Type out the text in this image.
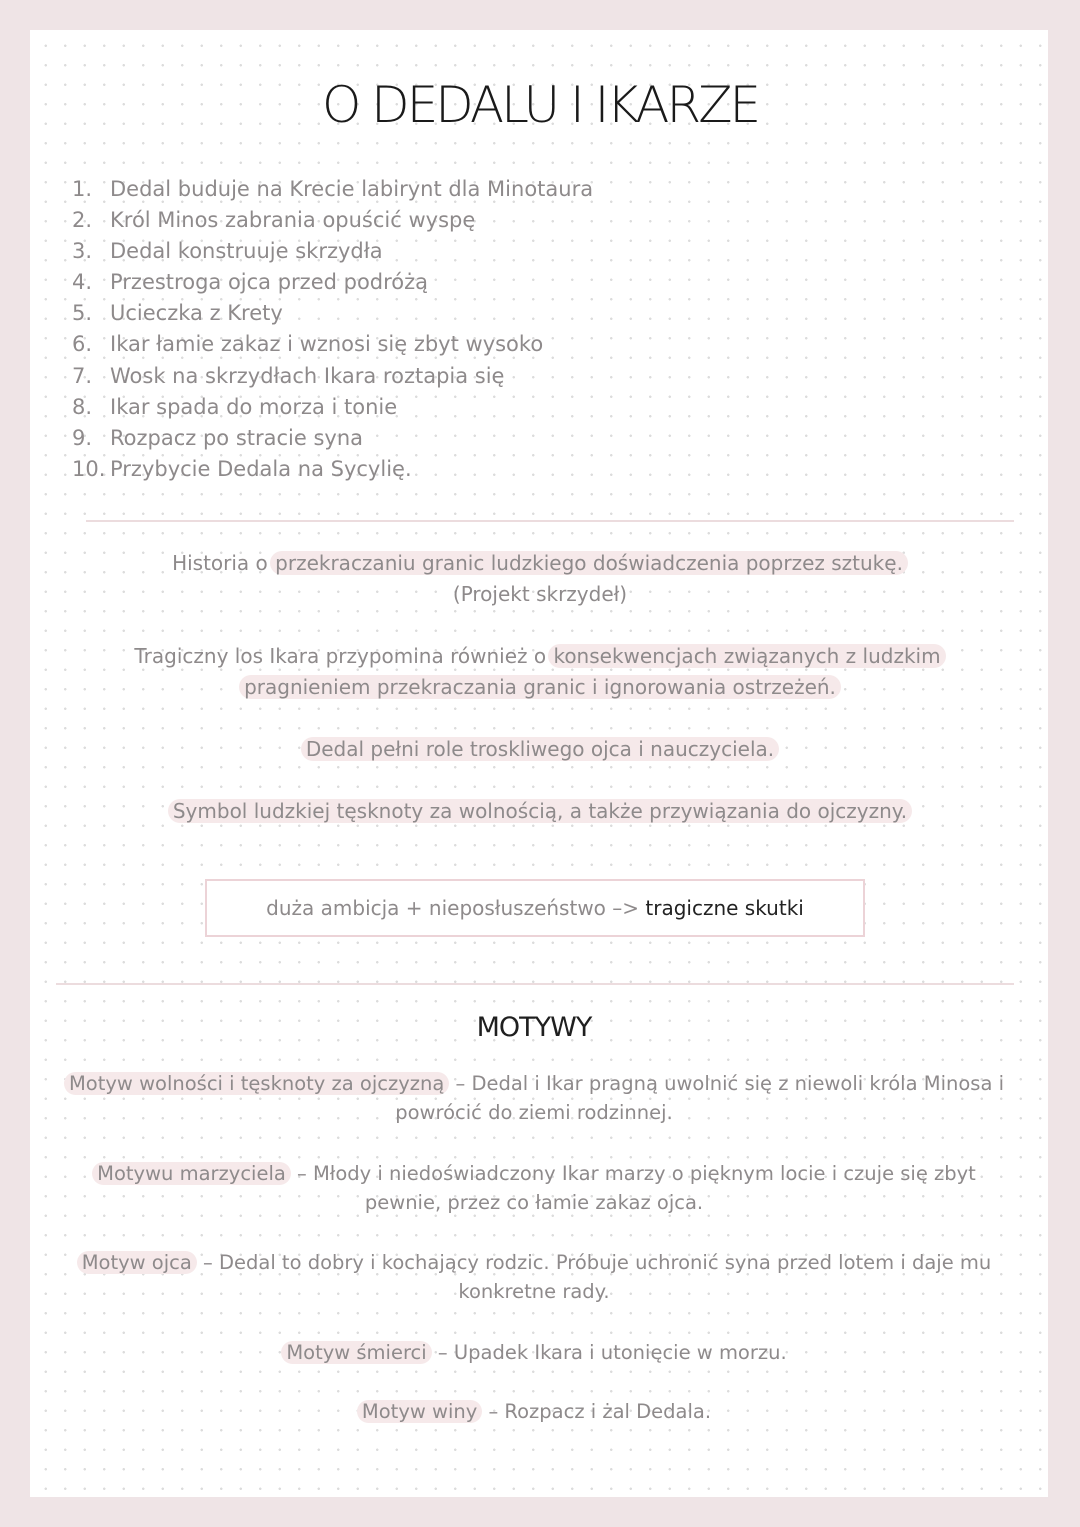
O DEDALU I IKARZE
1. Dedal buduje na Krecie labirynt dla Minotaura
2. Król Minos zabrania opuścić wyspę
3. Dedal konstruuje skrzydła
4. Przestroga ojca przed podróżą
5. Ucieczka z Krety
6. Ikar łamie zakaz i wznosi się zbyt wysoko
7. Wosk na skrzydłach Ikara roztapia się
8. Ikar spada do morza i tonie
9. Rozpacz po stracie syna
10. Przybycie Dedala na Sycylię.
Historia o przekraczaniu granic ludzkiego doświadczenia poprzez sztukę.
(Projekt skrzydeł)
Tragiczny los Ikara przypomina również o konsekwencjach związanych z ludzkim
pragnieniem przekraczania granic i ignorowania ostrzeżeń.
Dedal pełni role troskliwego ojca i nauczyciela.
Symbol ludzkiej tęsknoty za wolnością, a także przywiązania do ojczyzny.
duża ambicja + nieposłuszeństwo –> tragiczne skutki
MOTYWY
Motyw wolności i tęsknoty za ojczyzną – Dedal i Ikar pragną uwolnić się z niewoli króla Minosa i powrócić do ziemi rodzinnej.
Motywu marzyciela – Młody i niedoświadczony Ikar marzy o pięknym locie i czuje się zbyt pewnie, przez co łamie zakaz ojca.
Motyw ojca – Dedal to dobry i kochający rodzic. Próbuje uchronić syna przed lotem i daje mu konkretne rady.
Motyw śmierci – Upadek Ikara i utonięcie w morzu.
Motyw winy – Rozpacz i żal Dedala.
